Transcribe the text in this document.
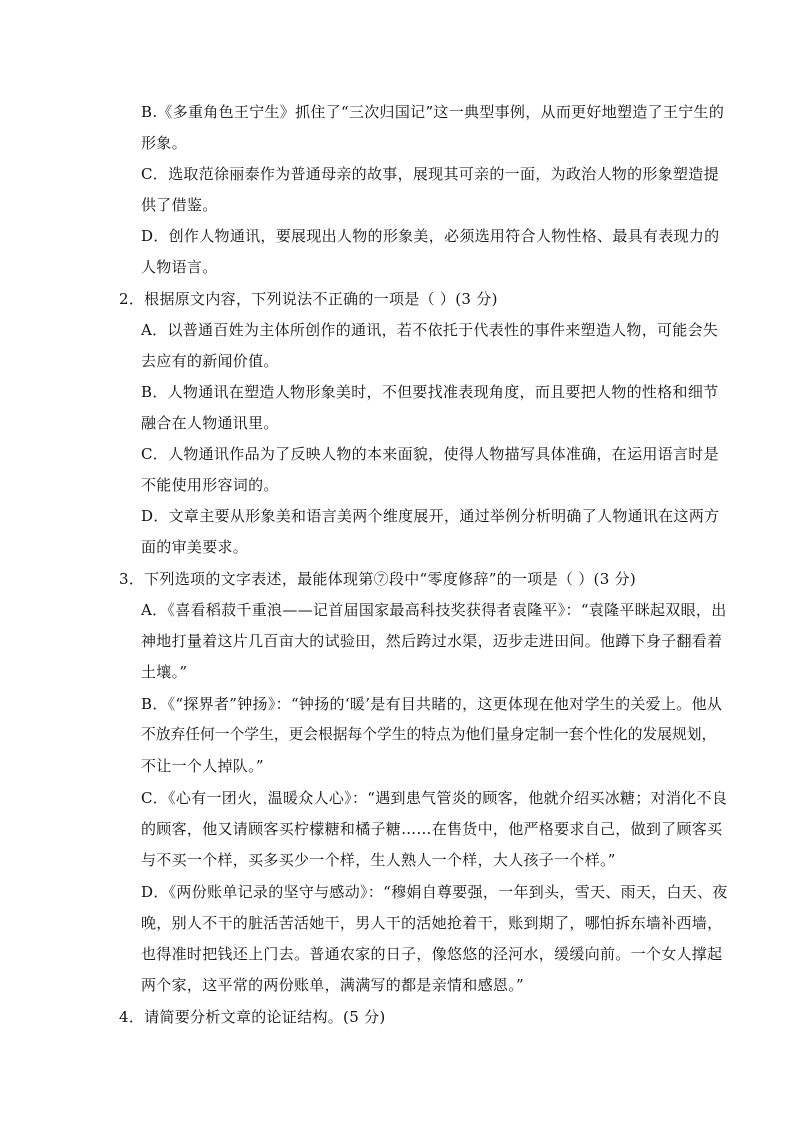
B.《多重角色王宁生》抓住了“三次归国记”这一典型事例，从而更好地塑造了王宁生的
形象。
C．选取范徐丽泰作为普通母亲的故事，展现其可亲的一面，为政治人物的形象塑造提
供了借鉴。
D．创作人物通讯，要展现出人物的形象美，必须选用符合人物性格、最具有表现力的
人物语言。
2．根据原文内容，下列说法不正确的一项是（ ）(3 分)
A．以普通百姓为主体所创作的通讯，若不依托于代表性的事件来塑造人物，可能会失
去应有的新闻价值。
B．人物通讯在塑造人物形象美时，不但要找准表现角度，而且要把人物的性格和细节
融合在人物通讯里。
C．人物通讯作品为了反映人物的本来面貌，使得人物描写具体准确，在运用语言时是
不能使用形容词的。
D．文章主要从形象美和语言美两个维度展开，通过举例分析明确了人物通讯在这两方
面的审美要求。
3．下列选项的文字表述，最能体现第⑦段中“零度修辞”的一项是（ ）(3 分)
A．《喜看稻菽千重浪——记首届国家最高科技奖获得者袁隆平》：“袁隆平眯起双眼，出
神地打量着这片几百亩大的试验田，然后跨过水渠，迈步走进田间。他蹲下身子翻看着
土壤。”
B．《“探界者”钟扬》：“钟扬的‘暖’是有目共睹的，这更体现在他对学生的关爱上。他从
不放弃任何一个学生，更会根据每个学生的特点为他们量身定制一套个性化的发展规划，
不让一个人掉队。”
C．《心有一团火，温暖众人心》：“遇到患气管炎的顾客，他就介绍买冰糖；对消化不良
的顾客，他又请顾客买柠檬糖和橘子糖……在售货中，他严格要求自己，做到了顾客买
与不买一个样，买多买少一个样，生人熟人一个样，大人孩子一个样。”
D．《两份账单记录的坚守与感动》：“穆娟自尊要强，一年到头，雪天、雨天，白天、夜
晚，别人不干的脏活苦活她干，男人干的活她抢着干，账到期了，哪怕拆东墙补西墙，
也得准时把钱还上门去。普通农家的日子，像悠悠的泾河水，缓缓向前。一个女人撑起
两个家，这平常的两份账单，满满写的都是亲情和感恩。”
4．请简要分析文章的论证结构。(5 分)
